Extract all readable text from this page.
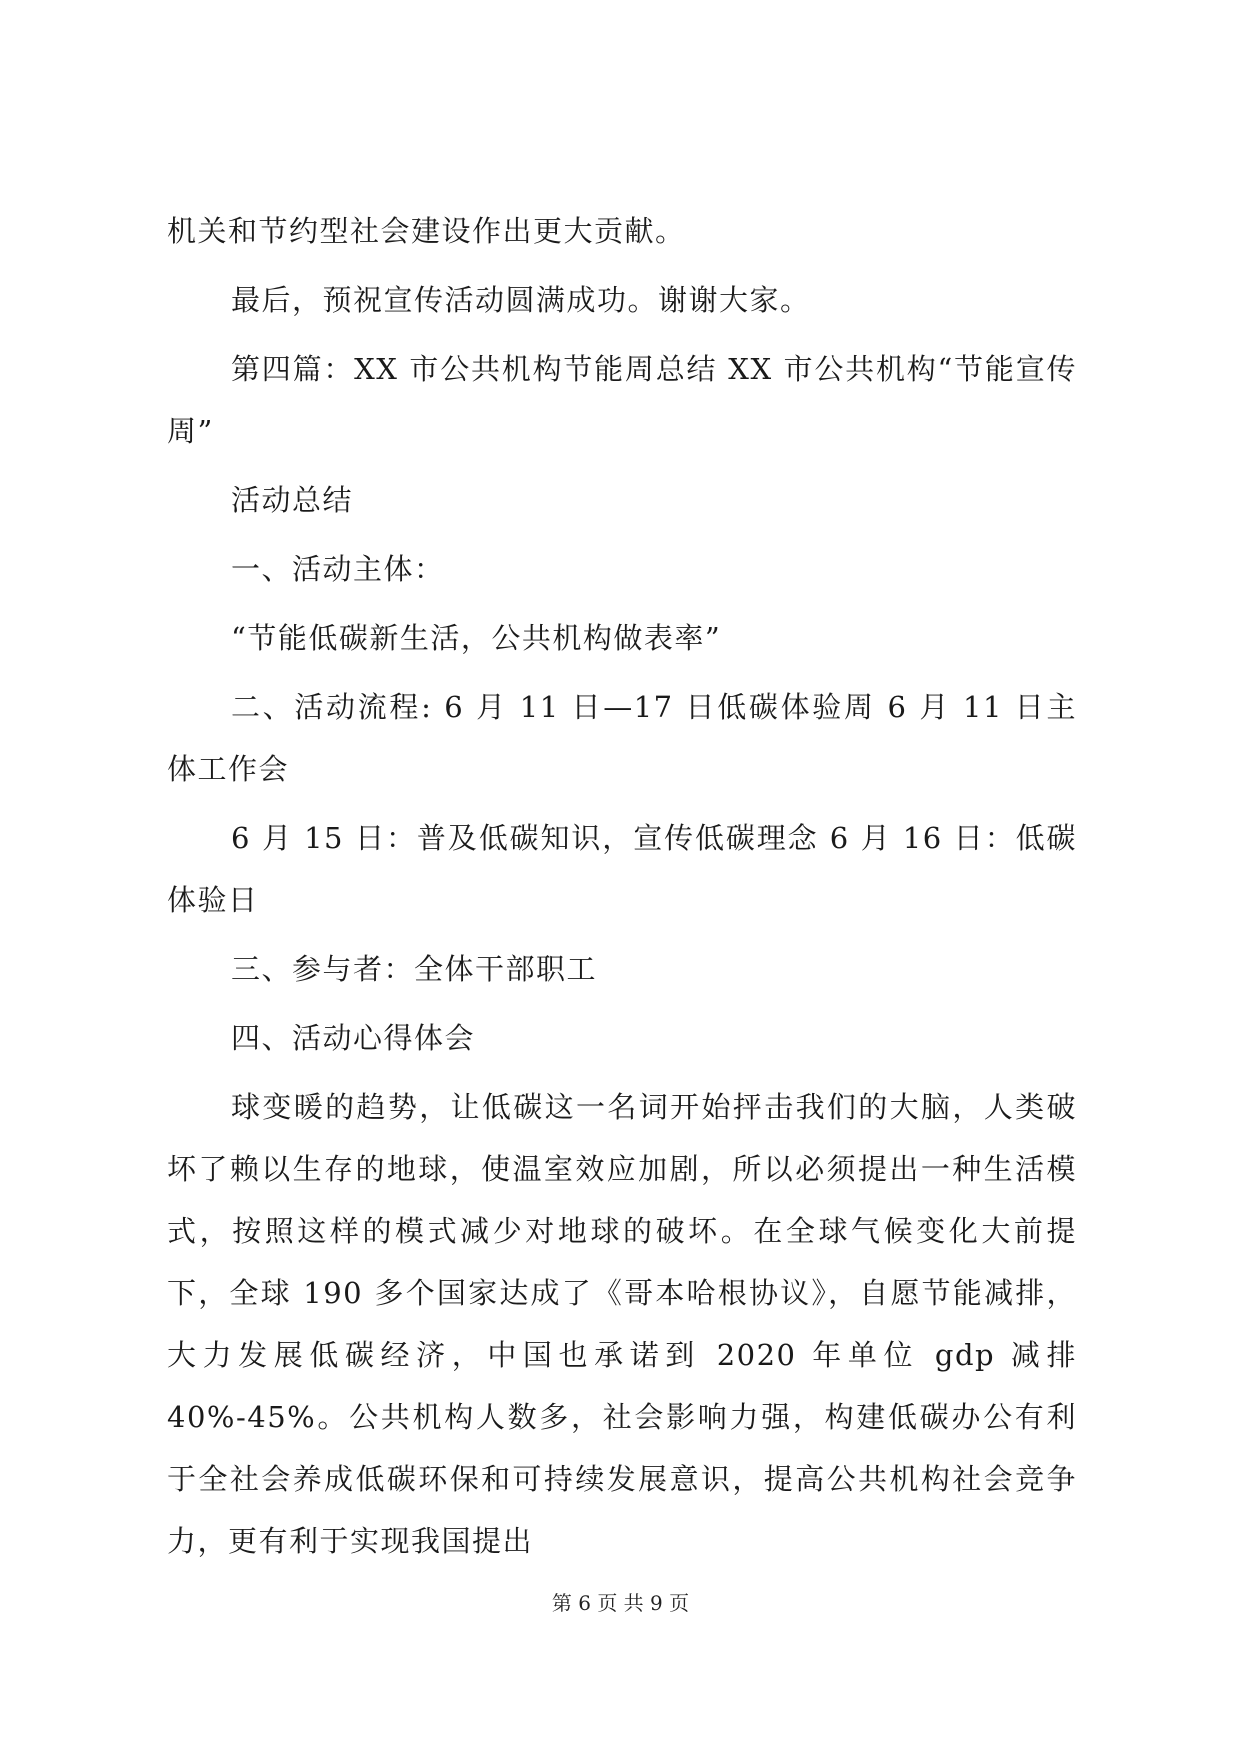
机关和节约型社会建设作出更大贡献。

最后，预祝宣传活动圆满成功。谢谢大家。

第四篇：XX 市公共机构节能周总结 XX 市公共机构“节能宣传周”

活动总结

一、活动主体：

“节能低碳新生活，公共机构做表率”

二、活动流程: 6 月 11 日—17 日低碳体验周 6 月 11 日主体工作会

6 月 15 日：普及低碳知识，宣传低碳理念 6 月 16 日：低碳体验日

三、参与者：全体干部职工

四、活动心得体会

球变暖的趋势，让低碳这一名词开始抨击我们的大脑，人类破坏了赖以生存的地球，使温室效应加剧，所以必须提出一种生活模式，按照这样的模式减少对地球的破坏。在全球气候变化大前提下，全球 190 多个国家达成了《哥本哈根协议》，自愿节能减排，大力发展低碳经济，中国也承诺到 2020 年单位 gdp 减排 40%-45%。公共机构人数多，社会影响力强，构建低碳办公有利于全社会养成低碳环保和可持续发展意识，提高公共机构社会竞争力，更有利于实现我国提出

第 6 页 共 9 页
